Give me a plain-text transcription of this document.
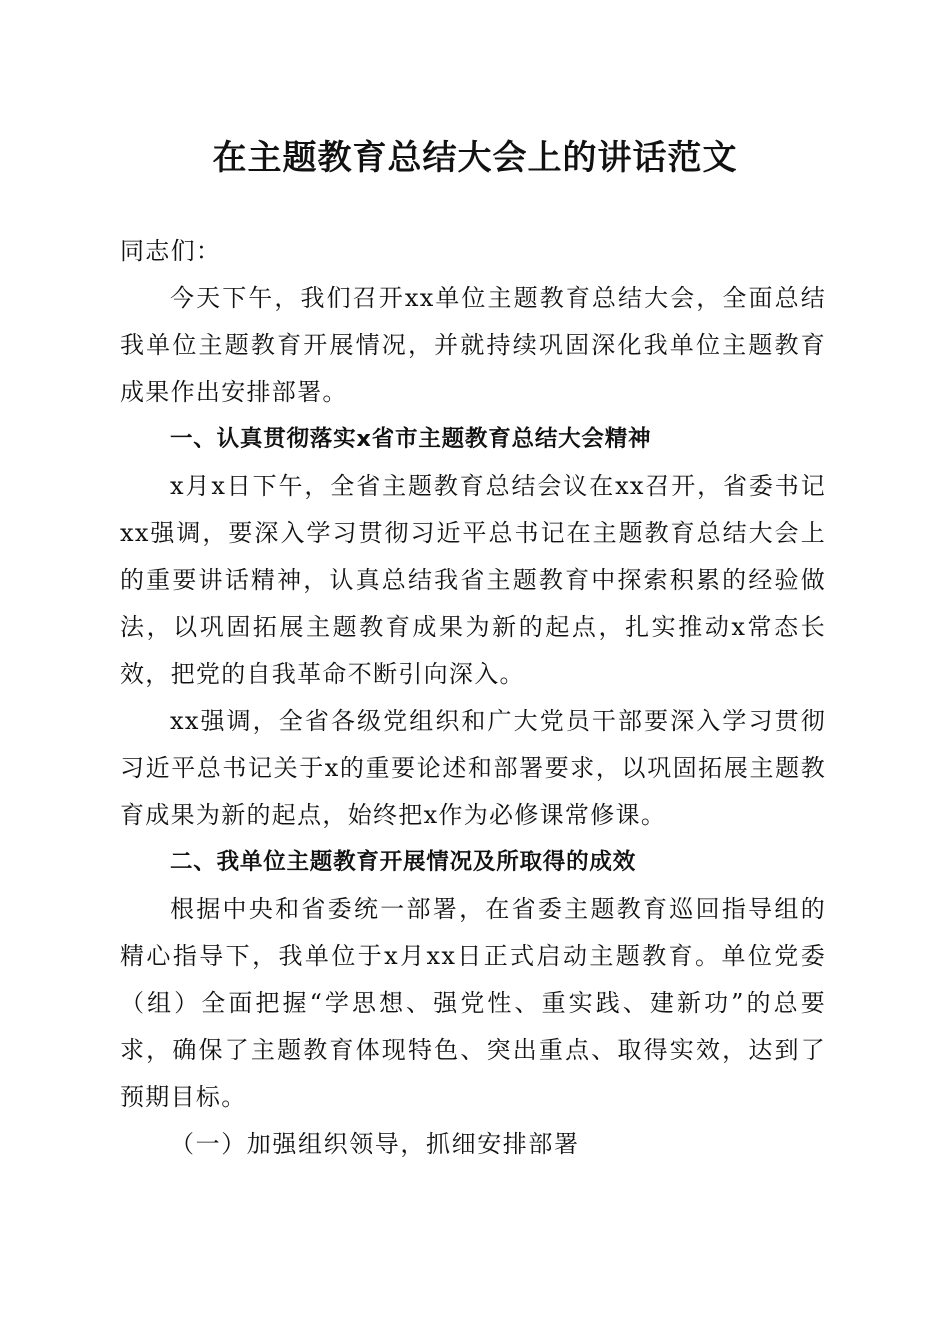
在主题教育总结大会上的讲话范文

同志们：

今天下午，我们召开xx单位主题教育总结大会，全面总结我单位主题教育开展情况，并就持续巩固深化我单位主题教育成果作出安排部署。

一、认真贯彻落实x省市主题教育总结大会精神

x月x日下午，全省主题教育总结会议在xx召开，省委书记xx强调，要深入学习贯彻习近平总书记在主题教育总结大会上的重要讲话精神，认真总结我省主题教育中探索积累的经验做法，以巩固拓展主题教育成果为新的起点，扎实推动x常态长效，把党的自我革命不断引向深入。

xx强调，全省各级党组织和广大党员干部要深入学习贯彻习近平总书记关于x的重要论述和部署要求，以巩固拓展主题教育成果为新的起点，始终把x作为必修课常修课。

二、我单位主题教育开展情况及所取得的成效

根据中央和省委统一部署，在省委主题教育巡回指导组的精心指导下，我单位于x月xx日正式启动主题教育。单位党委（组）全面把握“学思想、强党性、重实践、建新功”的总要求，确保了主题教育体现特色、突出重点、取得实效，达到了预期目标。

（一）加强组织领导，抓细安排部署
